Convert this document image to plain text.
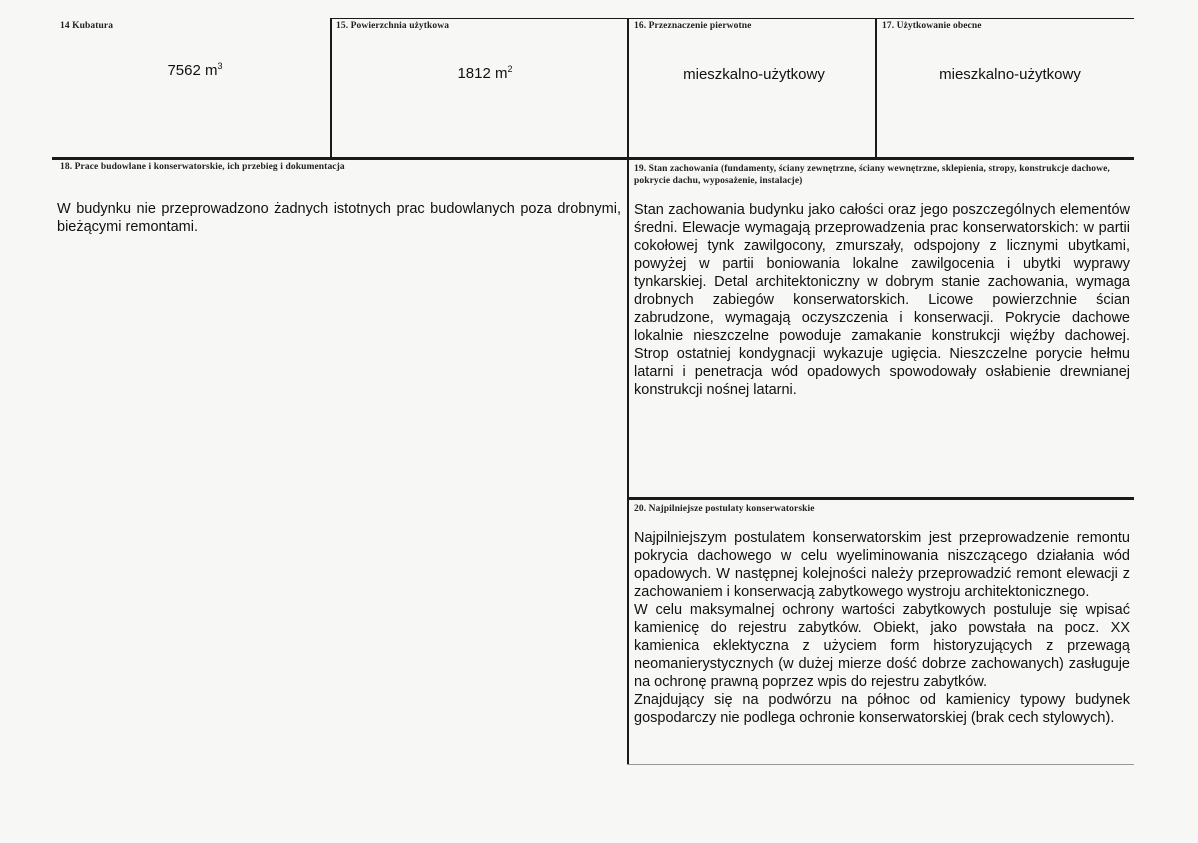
14 Kubatura
7562 $m^3$
15. Powierzchnia użytkowa
1812 $m^2$
16. Przeznaczenie pierwotne
mieszkalno-użytkowy
17. Użytkowanie obecne
mieszkalno-użytkowy
18. Prace budowlane i konserwatorskie, ich przebieg i dokumentacja
W budynku nie przeprowadzono żadnych istotnych prac budowlanych poza drobnymi, bieżącymi remontami.
19. Stan zachowania (fundamenty, ściany zewnętrzne, ściany wewnętrzne, sklepienia, stropy, konstrukcje dachowe, pokrycie dachu, wyposażenie, instalacje)
Stan zachowania budynku jako całości oraz jego poszczególnych elementów średni. Elewacje wymagają przeprowadzenia prac konserwatorskich: w partii cokołowej tynk zawilgocony, zmurszały, odspojony z licznymi ubytkami, powyżej w partii boniowania lokalne zawilgocenia i ubytki wyprawy tynkarskiej. Detal architektoniczny w dobrym stanie zachowania, wymaga drobnych zabiegów konserwatorskich. Licowe powierzchnie ścian zabrudzone, wymagają oczyszczenia i konserwacji. Pokrycie dachowe lokalnie nieszczelne powoduje zamakanie konstrukcji więźby dachowej. Strop ostatniej kondygnacji wykazuje ugięcia. Nieszczelne porycie hełmu latarni i penetracja wód opadowych spowodowały osłabienie drewnianej konstrukcji nośnej latarni.
20. Najpilniejsze postulaty konserwatorskie

Najpilniejszym postulatem konserwatorskim jest przeprowadzenie remontu pokrycia dachowego w celu wyeliminowania niszczącego działania wód opadowych. W następnej kolejności należy przeprowadzić remont elewacji z zachowaniem i konserwacją zabytkowego wystroju architektonicznego.

W celu maksymalnej ochrony wartości zabytkowych postuluje się wpisać kamienicę do rejestru zabytków. Obiekt, jako powstała na pocz. XX kamienica eklektyczna z użyciem form historyzujących z przewagą neomanierystycznych (w dużej mierze dość dobrze zachowanych) zasługuje na ochronę prawną poprzez wpis do rejestru zabytków.

Znajdujący się na podwórzu na północ od kamienicy typowy budynek gospodarczy nie podlega ochronie konserwatorskiej (brak cech stylowych).
